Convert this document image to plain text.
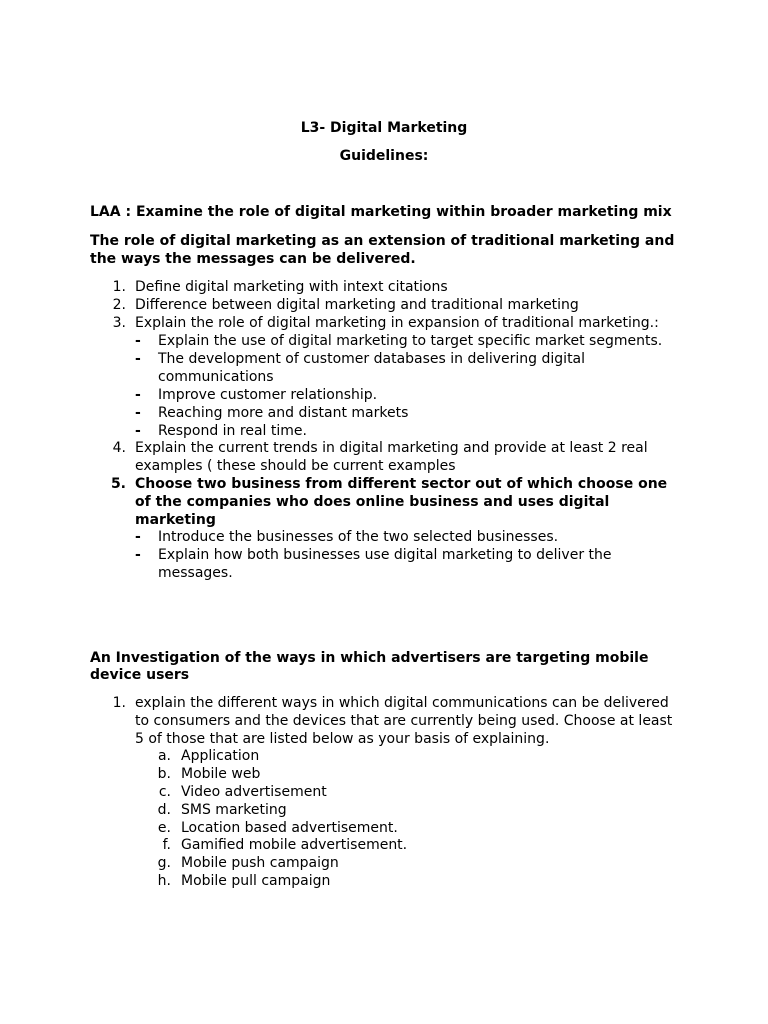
L3- Digital Marketing
Guidelines:
LAA : Examine the role of digital marketing within broader marketing mix
The role of digital marketing as an extension of traditional marketing and
the ways the messages can be delivered.
1. Define digital marketing with intext citations
2. Difference between digital marketing and traditional marketing
3. Explain the role of digital marketing in expansion of traditional marketing.:
- Explain the use of digital marketing to target specific market segments.
- The development of customer databases in delivering digital
communications
- Improve customer relationship.
- Reaching more and distant markets
- Respond in real time.
4. Explain the current trends in digital marketing and provide at least 2 real
examples ( these should be current examples
5. Choose two business from different sector out of which choose one
of the companies who does online business and uses digital
marketing
- Introduce the businesses of the two selected businesses.
- Explain how both businesses use digital marketing to deliver the
messages.
An Investigation of the ways in which advertisers are targeting mobile
device users
1. explain the different ways in which digital communications can be delivered
to consumers and the devices that are currently being used. Choose at least
5 of those that are listed below as your basis of explaining.
a. Application
b. Mobile web
c. Video advertisement
d. SMS marketing
e. Location based advertisement.
f. Gamified mobile advertisement.
g. Mobile push campaign
h. Mobile pull campaign
